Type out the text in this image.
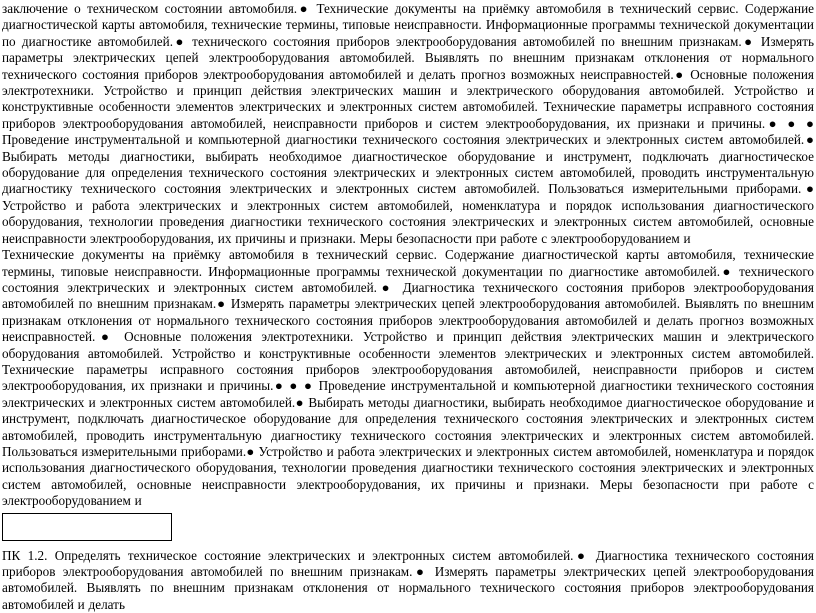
заключение о техническом состоянии автомобиля.● Технические документы на приёмку автомобиля в технический сервис. Содержание диагностической карты автомобиля, технические термины, типовые неисправности. Информационные программы технической документации по диагностике автомобилей.● технического состояния приборов электрооборудования автомобилей по внешним признакам.● Измерять параметры электрических цепей электрооборудования автомобилей. Выявлять по внешним признакам отклонения от нормального технического состояния приборов электрооборудования автомобилей и делать прогноз возможных неисправностей.● Основные положения электротехники. Устройство и принцип действия электрических машин и электрического оборудования автомобилей. Устройство и конструктивные особенности элементов электрических и электронных систем автомобилей. Технические параметры исправного состояния приборов электрооборудования автомобилей, неисправности приборов и систем электрооборудования, их признаки и причины.● ● ● Проведение инструментальной и компьютерной диагностики технического состояния электрических и электронных систем автомобилей.● Выбирать методы диагностики, выбирать необходимое диагностическое оборудование и инструмент, подключать диагностическое оборудование для определения технического состояния электрических и электронных систем автомобилей, проводить инструментальную диагностику технического состояния электрических и электронных систем автомобилей. Пользоваться измерительными приборами.● Устройство и работа электрических и электронных систем автомобилей, номенклатура и порядок использования диагностического оборудования, технологии проведения диагностики технического состояния электрических и электронных систем автомобилей, основные неисправности электрооборудования, их причины и признаки. Меры безопасности при работе с электрооборудованием и

Технические документы на приёмку автомобиля в технический сервис. Содержание диагностической карты автомобиля, технические термины, типовые неисправности. Информационные программы технической документации по диагностике автомобилей.● технического состояния электрических и электронных систем автомобилей.● Диагностика технического состояния приборов электрооборудования автомобилей по внешним признакам.● Измерять параметры электрических цепей электрооборудования автомобилей. Выявлять по внешним признакам отклонения от нормального технического состояния приборов электрооборудования автомобилей и делать прогноз возможных неисправностей.● Основные положения электротехники. Устройство и принцип действия электрических машин и электрического оборудования автомобилей. Устройство и конструктивные особенности элементов электрических и электронных систем автомобилей. Технические параметры исправного состояния приборов электрооборудования автомобилей, неисправности приборов и систем электрооборудования, их признаки и причины.● ● ● Проведение инструментальной и компьютерной диагностики технического состояния электрических и электронных систем автомобилей.● Выбирать методы диагностики, выбирать необходимое диагностическое оборудование и инструмент, подключать диагностическое оборудование для определения технического состояния электрических и электронных систем автомобилей, проводить инструментальную диагностику технического состояния электрических и электронных систем автомобилей. Пользоваться измерительными приборами.● Устройство и работа электрических и электронных систем автомобилей, номенклатура и порядок использования диагностического оборудования, технологии проведения диагностики технического состояния электрических и электронных систем автомобилей, основные неисправности электрооборудования, их причины и признаки. Меры безопасности при работе с электрооборудованием и

ПК 1.2. Определять техническое состояние электрических и электронных систем автомобилей.● Диагностика технического состояния приборов электрооборудования автомобилей по внешним признакам.● Измерять параметры электрических цепей электрооборудования автомобилей. Выявлять по внешним признакам отклонения от нормального технического состояния приборов электрооборудования автомобилей и делать
